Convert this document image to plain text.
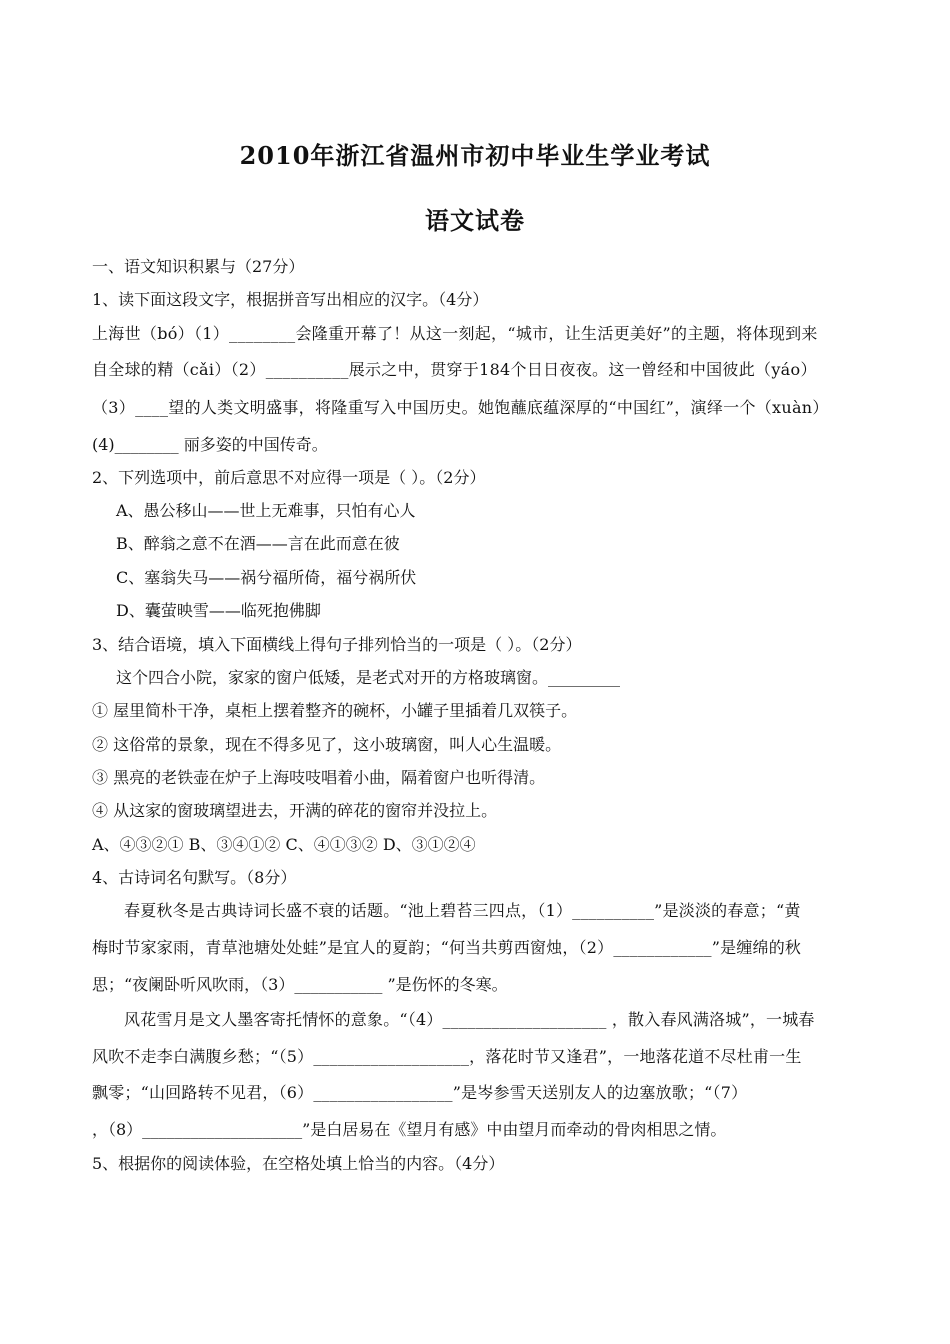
2010年浙江省温州市初中毕业生学业考试
语文试卷
一、语文知识积累与（27分）
1、读下面这段文字，根据拼音写出相应的汉字。（4分）
上海世（bó）（1）________会隆重开幕了！从这一刻起，“城市，让生活更美好”的主题，将体现到来
自全球的精（cǎi）（2）__________展示之中，贯穿于184个日日夜夜。这一曾经和中国彼此（yáo）
（3）____望的人类文明盛事，将隆重写入中国历史。她饱蘸底蕴深厚的“中国红”，演绎一个（xuàn）
(4)________ 丽多姿的中国传奇。
2、下列选项中，前后意思不对应得一项是（ ）。（2分）
A、愚公移山——世上无难事，只怕有心人
B、醉翁之意不在酒——言在此而意在彼
C、塞翁失马——祸兮福所倚，福兮祸所伏
D、囊萤映雪——临死抱佛脚
3、结合语境，填入下面横线上得句子排列恰当的一项是（ ）。（2分）
这个四合小院，家家的窗户低矮，是老式对开的方格玻璃窗。_________
① 屋里简朴干净，桌柜上摆着整齐的碗杯，小罐子里插着几双筷子。
② 这俗常的景象，现在不得多见了，这小玻璃窗，叫人心生温暖。
③ 黑亮的老铁壶在炉子上海吱吱唱着小曲，隔着窗户也听得清。
④ 从这家的窗玻璃望进去，开满的碎花的窗帘并没拉上。
A、④③②① B、③④①② C、④①③② D、③①②④
4、古诗词名句默写。（8分）
春夏秋冬是古典诗词长盛不衰的话题。“池上碧苔三四点，（1）__________”是淡淡的春意；“黄
梅时节家家雨，青草池塘处处蛙”是宜人的夏韵；“何当共剪西窗烛，（2）____________”是缠绵的秋
思；“夜阑卧听风吹雨，（3）___________ ”是伤怀的冬寒。
风花雪月是文人墨客寄托情怀的意象。“（4）____________________ ，散入春风满洛城”，一城春
风吹不走李白满腹乡愁；“（5）___________________，落花时节又逢君”，一地落花道不尽杜甫一生
飘零；“山回路转不见君，（6）_________________”是岑参雪天送别友人的边塞放歌；“（7）
，（8）____________________”是白居易在《望月有感》中由望月而牵动的骨肉相思之情。
5、根据你的阅读体验，在空格处填上恰当的内容。（4分）
